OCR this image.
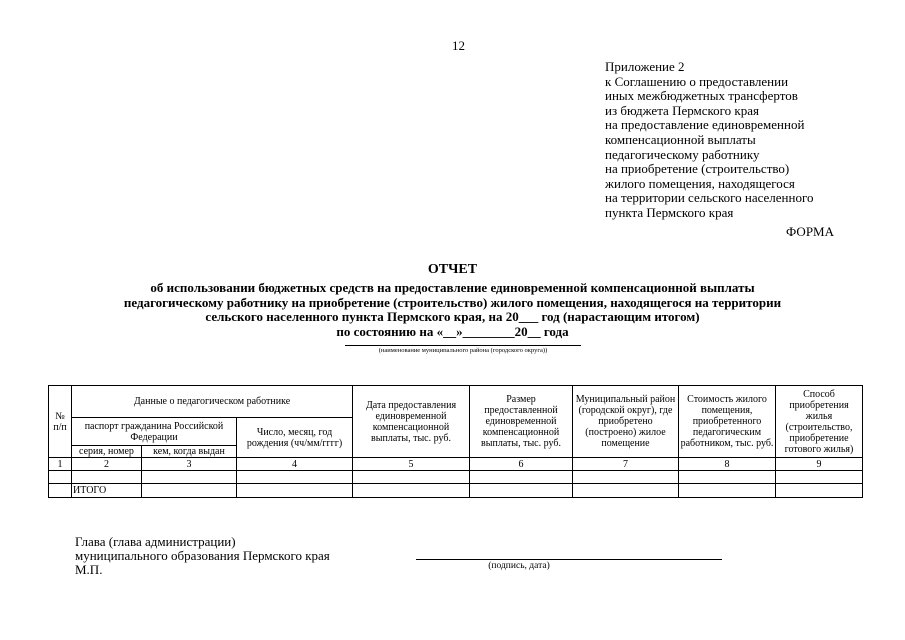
12
Приложение 2
к Соглашению о предоставлении
иных межбюджетных трансфертов
из бюджета Пермского края
на предоставление единовременной
компенсационной выплаты
педагогическому работнику
на приобретение (строительство)
жилого помещения, находящегося
на территории сельского населенного
пункта Пермского края
ФОРМА
ОТЧЕТ
об использовании бюджетных средств на предоставление единовременной компенсационной выплаты
педагогическому работнику на приобретение (строительство) жилого помещения, находящегося на территории
сельского населенного пункта Пермского края, на 20___ год (нарастающим итогом)
по состоянию на «__»________20__ года
(наименование муниципального района (городского округа))
№ п/п	Данные о педагогическом работнике			Дата предоставления единовременной компенсационной выплаты, тыс. руб.	Размер предоставленной единовременной компенсационной выплаты, тыс. руб.	Муниципальный район (городской округ), где приобретено (построено) жилое помещение	Стоимость жилого помещения, приобретенного педагогическим работником, тыс. руб.	Способ приобретения жилья (строительство, приобретение готового жилья)
	паспорт гражданина Российской Федерации		Число, месяц, год рождения (чч/мм/гггг)					
	серия, номер	кем, когда выдан						
1	2	3	4	5	6	7	8	9

	ИТОГО							
Глава (глава администрации)
муниципального образования Пермского края
М.П.	(подпись, дата)
